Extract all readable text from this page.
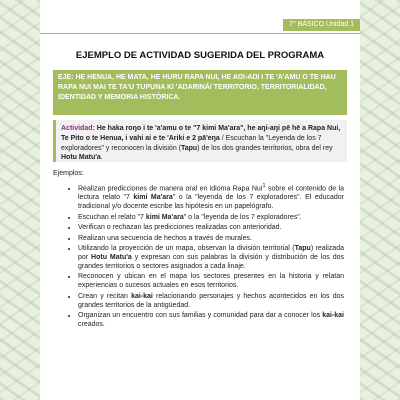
7° BÁSICO Unidad 1
EJEMPLO DE ACTIVIDAD SUGERIDA DEL PROGRAMA
EJE: HE HENUA, HE MATA, HE HURU RAPA NUI, HE AŊI-AŊI I TE 'A'AMU O TE HAU RAPA NUI MAI TE TA'U TUPUNA KI 'AŊARINÁ/ TERRITORIO, TERRITORIALIDAD, IDENTIDAD Y MEMORIA HISTÓRICA.
Actividad: He haka roŋo i te 'a'amu o te "7 kimi Ma'ara", he aŋi-aŋi pē hē a Rapa Nui, Te Pito o te Henua, i vahi ai e te 'Ariki e 2 pā'eŋa / Escuchan la "Leyenda de los 7 exploradores" y reconocen la división (Tapu) de los dos grandes territorios, obra del rey Hotu Matu'a.
Ejemplos:
• Realizan predicciones de manera oral en idioma Rapa Nui$^1$ sobre el contenido de la lectura relato "7 kimi Ma'ara" o la "leyenda de los 7 exploradores". El educador tradicional y/o docente escribe las hipótesis en un papelógrafo.
• Escuchan el relato "7 kimi Ma'ara" o la "leyenda de los 7 exploradores".
• Verifican o rechazan las predicciones realizadas con anterioridad.
• Realizan una secuencia de hechos a través de murales.
• Utilizando la proyección de un mapa, observan la división territorial (Tapu) realizada por Hotu Matu'a y expresan con sus palabras la división y distribución de los dos grandes territorios o sectores asignados a cada linaje.
• Reconocen y ubican en el mapa los sectores presentes en la historia y relatan experiencias o sucesos actuales en esos territorios.
• Crean y recitan kai-kai relacionando personajes y hechos acontecidos en los dos grandes territorios de la antigüedad.
• Organizan un encuentro con sus familias y comunidad para dar a conocer los kai-kai creados.
